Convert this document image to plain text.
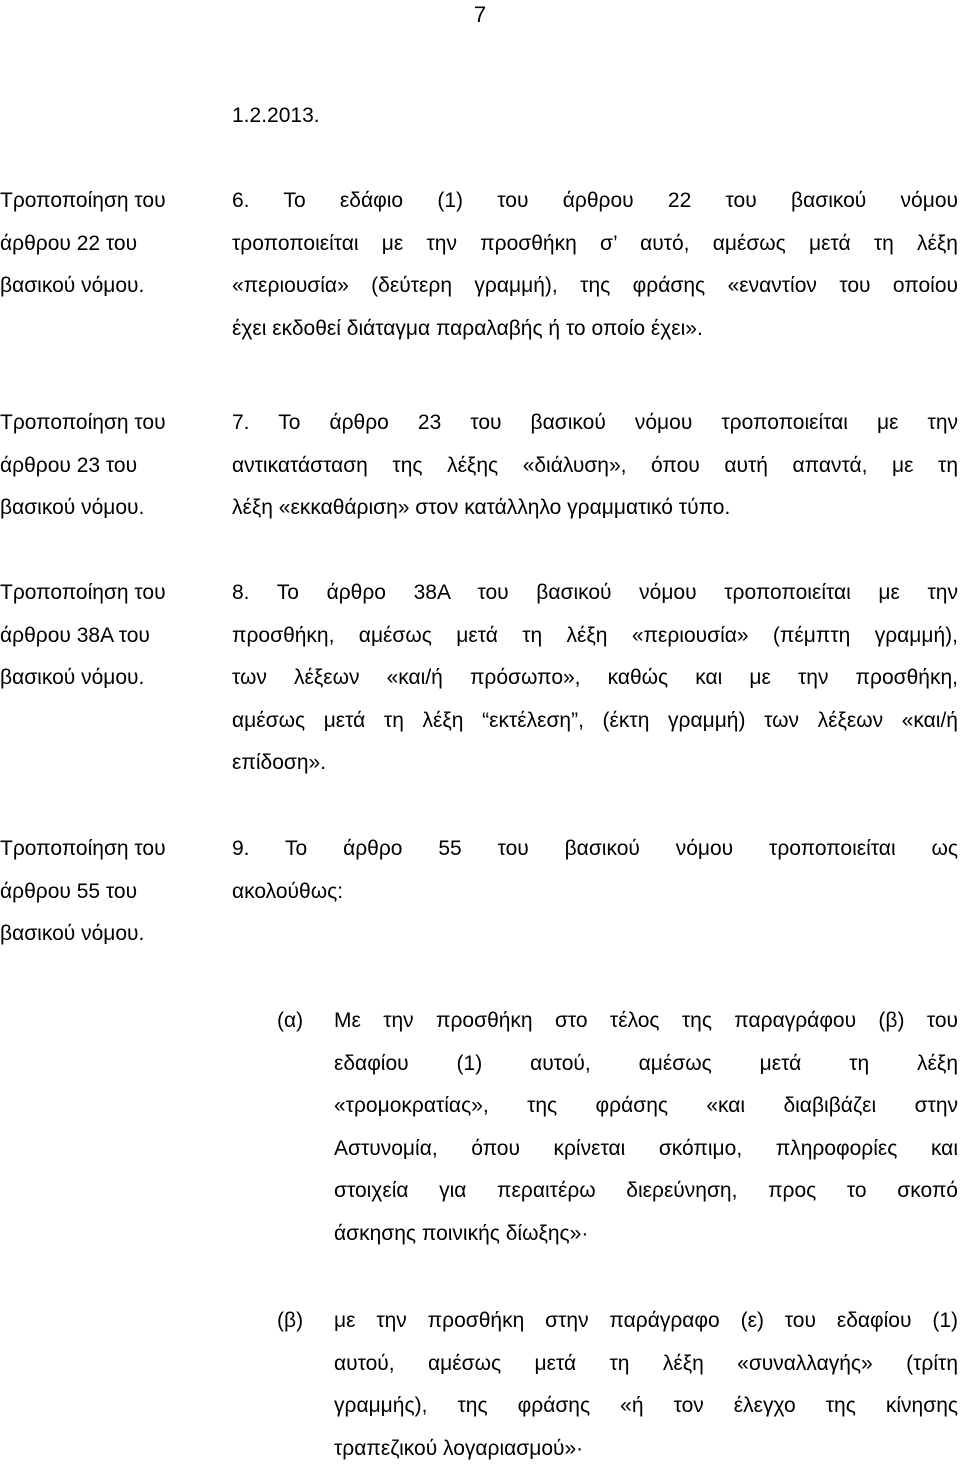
7
1.2.2013.
Τροποποίηση του
άρθρου 22 του
βασικού νόμου.
6. Το εδάφιο (1) του άρθρου 22 του βασικού νόμου
τροποποιείται με την προσθήκη σ’ αυτό, αμέσως μετά τη λέξη
«περιουσία» (δεύτερη γραμμή), της φράσης «εναντίον του οποίου
έχει εκδοθεί διάταγμα παραλαβής ή το οποίο έχει».
Τροποποίηση του
άρθρου 23 του
βασικού νόμου.
7. Το άρθρο 23 του βασικού νόμου τροποποιείται με την
αντικατάσταση της λέξης «διάλυση», όπου αυτή απαντά, με τη
λέξη «εκκαθάριση» στον κατάλληλο γραμματικό τύπο.
Τροποποίηση του
άρθρου 38Α του
βασικού νόμου.
8. Το άρθρο 38Α του βασικού νόμου τροποποιείται με την
προσθήκη, αμέσως μετά τη λέξη «περιουσία» (πέμπτη γραμμή),
των λέξεων «και/ή πρόσωπο», καθώς και με την προσθήκη,
αμέσως μετά τη λέξη “εκτέλεση”, (έκτη γραμμή) των λέξεων «και/ή
επίδοση».
Τροποποίηση του
άρθρου 55 του
βασικού νόμου.
9. Το άρθρο 55 του βασικού νόμου τροποποιείται ως
ακολούθως:
(α) Με την προσθήκη στο τέλος της παραγράφου (β) του
εδαφίου (1) αυτού, αμέσως μετά τη λέξη
«τρομοκρατίας», της φράσης «και διαβιβάζει στην
Αστυνομία, όπου κρίνεται σκόπιμο, πληροφορίες και
στοιχεία για περαιτέρω διερεύνηση, προς το σκοπό
άσκησης ποινικής δίωξης»·
(β) με την προσθήκη στην παράγραφο (ε) του εδαφίου (1)
αυτού, αμέσως μετά τη λέξη «συναλλαγής» (τρίτη
γραμμής), της φράσης «ή τον έλεγχο της κίνησης
τραπεζικού λογαριασμού»·
